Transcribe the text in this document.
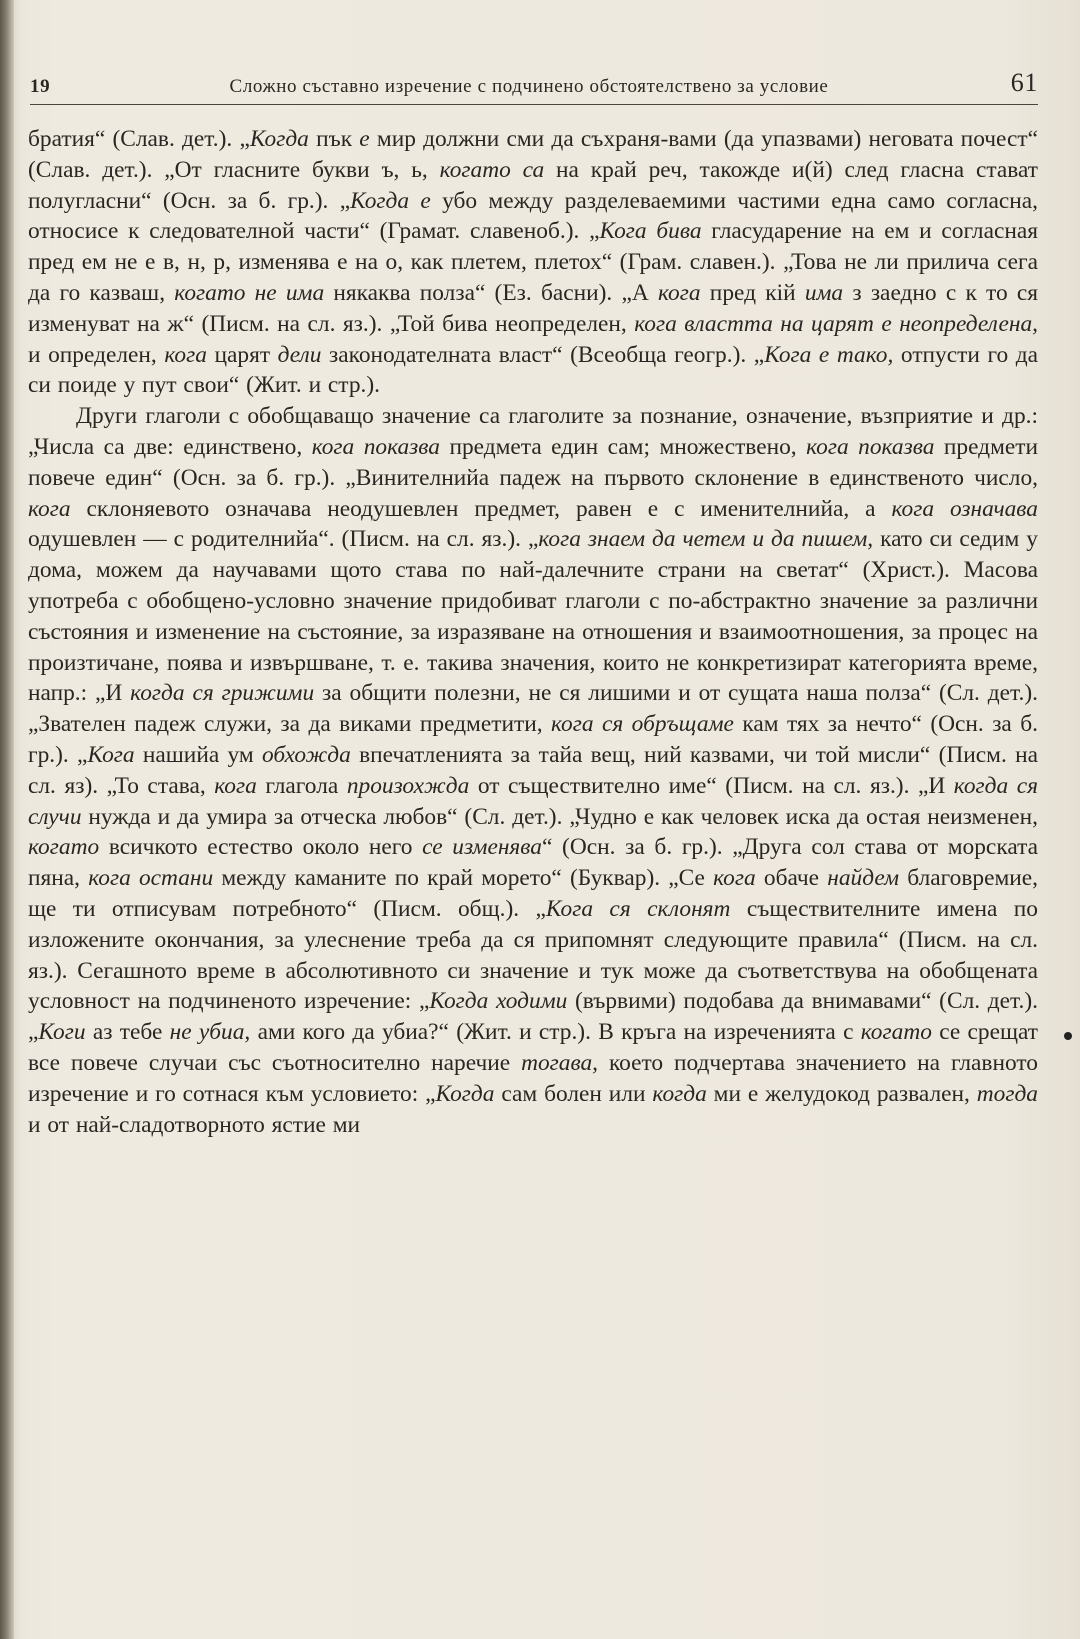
19	Сложно съставно изречение с подчинено обстоятелствено за условие	61

братия“ (Слав. дет.). „Когда пък е мир должни сми да съхраня-вами (да упазвами) неговата почест“ (Слав. дет.). „От гласните букви ъ, ь, когато са на край реч, такожде и(й) след гласна стават полугласни“ (Осн. за б. гр.). „Когда е убо между разделеваемими частими една само согласна, относисе к следователной части“ (Грамат. славеноб.). „Кога бива гласударение на ем и согласная пред ем не е в, н, р, изменява е на о, как плетем, плетох“ (Грам. славен.). „Това не ли прилича сега да го казваш, когато не има някаква полза“ (Ез. басни). „А кога пред кій има з заедно с к то ся изменуват на ж“ (Писм. на сл. яз.). „Той бива неопределен, кога властта на царят е неопределена, и определен, кога царят дели законодателната власт“ (Всеобща геогр.). „Кога е тако, отпусти го да си поиде у пут свои“ (Жит. и стр.).

Други глаголи с обобщаващо значение са глаголите за познание, означение, възприятие и др.: „Числа са две: единствено, кога показва предмета един сам; множествено, кога показва предмети повече един“ (Осн. за б. гр.). „Винителнийа падеж на първото склонение в единственото число, кога склоняевото означава неодушевлен предмет, равен е с именителнийа, а кога означава одушевлен — с родителнийа“. (Писм. на сл. яз.). „кога знаем да четем и да пишем, като си седим у дома, можем да научавами щото става по най-далечните страни на светат“ (Христ.). Масова употреба с обобщено-условно значение придобиват глаголи с по-абстрактно значение за различни състояния и изменение на състояние, за изразяване на отношения и взаимоотношения, за процес на произтичане, поява и извършване, т. е. такива значения, които не конкретизират категорията време, напр.: „И когда ся грижими за общити полезни, не ся лишими и от сущата наша полза“ (Сл. дет.). „Звателен падеж служи, за да виками предметити, кога ся обръщаме кам тях за нечто“ (Осн. за б. гр.). „Кога нашийа ум обхожда впечатленията за тайа вещ, ний казвами, чи той мисли“ (Писм. на сл. яз). „То става, кога глагола произохжда от съществително име“ (Писм. на сл. яз.). „И когда ся случи нужда и да умира за отческа любов“ (Сл. дет.). „Чудно е как человек иска да остая неизменен, когато всичкото естество около него се изменява“ (Осн. за б. гр.). „Друга сол става от морската пяна, кога остани между каманите по край морето“ (Буквар). „Се кога обаче найдем благовремие, ще ти отписувам потребното“ (Писм. общ.). „Кога ся склонят съществителните имена по изложените окончания, за улеснение треба да ся припомнят следующите правила“ (Писм. на сл. яз.). Сегашното време в абсолютивното си значение и тук може да съответствува на обобщената условност на подчиненото изречение: „Когда ходими (вървими) подобава да внимавами“ (Сл. дет.). „Коги аз тебе не убиа, ами кого да убиа?“ (Жит. и стр.). В кръга на изреченията с когато се срещат все повече случаи със съотносително наречие тогава, което подчертава значението на главното изречение и го сотнася към условието: „Когда сам болен или когда ми е желудокод развален, тогда и от най-сладотворното ястие ми
